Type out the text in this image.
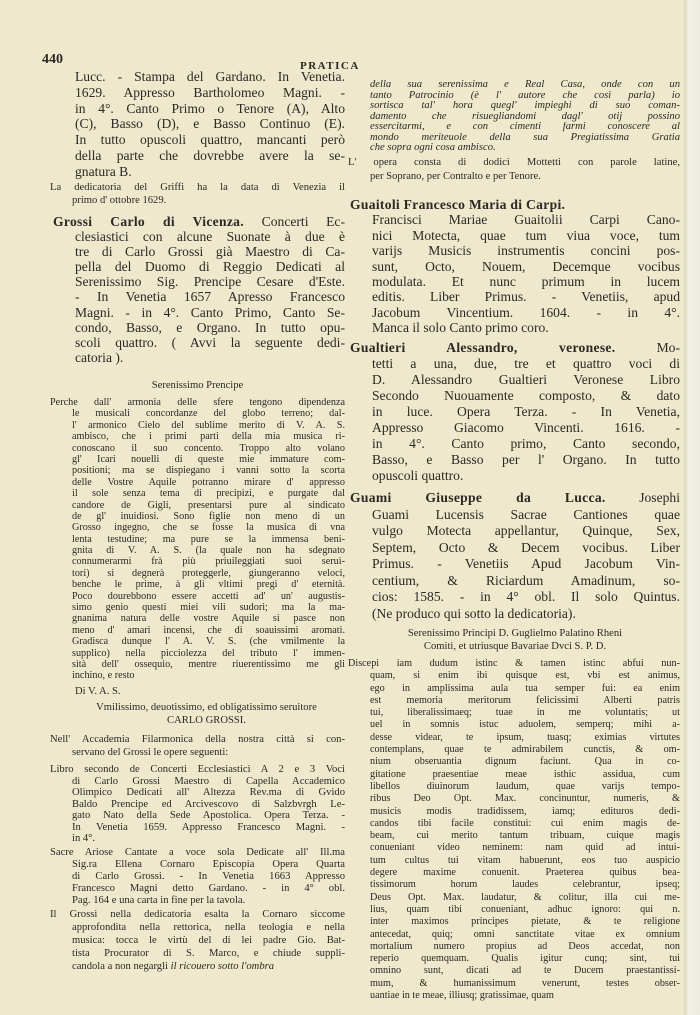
440	PRATICA
Lucc. - Stampa del Gardano. In Venetia.
1629. Appresso Bartholomeo Magni. -
in 4°. Canto Primo o Tenore (A), Alto
(C), Basso (D), e Basso Continuo (E).
In tutto opuscoli quattro, mancanti però
della parte che dovrebbe avere la se-
gnatura B.
La dedicatoria del Griffi ha la data di Venezia il
primo d' ottobre 1629.
Grossi Carlo di Vicenza. Concerti Ec-
clesiastici con alcune Suonate à due è
tre di Carlo Grossi già Maestro di Ca-
pella del Duomo di Reggio Dedicati al
Serenissimo Sig. Prencipe Cesare d'Este.
- In Venetia 1657 Apresso Francesco
Magni. - in 4°. Canto Primo, Canto Se-
condo, Basso, e Organo. In tutto opu-
scoli quattro. ( Avvi la seguente dedi-
catoria ).
Serenissimo Prencipe
Perche dall' armonia delle sfere tengono dipendenza
le musicali concordanze del globo terreno; dal-
l' armonico Cielo del sublime merito di V. A. S.
ambisco, che i primi parti della mia musica ri-
conoscano il suo concento. Troppo alto volano
gl' Icari nouelli di queste mie immature com-
positioni; ma se dispiegano i vanni sotto la scorta
delle Vostre Aquile potranno mirare d' appresso
il sole senza tema di precipizi, e purgate dal
candore de Gigli, presentarsi pure al sindicato
de gl' inuidiosi. Sono figlie non meno di un
Grosso ingegno, che se fosse la musica di vna
lenta testudine; ma pure se la immensa beni-
gnita di V. A. S. (la quale non ha sdegnato
connumerarmi frà più priuileggiati suoi serui-
tori) si degnerà proteggerle, giungeranno veloci,
benche le prime, à gli vltimi pregi d' eternità.
Poco dourebbono essere accetti ad' un' augustis-
simo genio questi miei vili sudori; ma la ma-
gnanima natura delle vostre Aquile si pasce non
meno d' amari incensi, che di soauissimi aromati.
Gradisca dunque l' A. V. S. (che vmilmente la
supplico) nella picciolezza del tributo l' immen-
sità dell' ossequio, mentre riuerentissimo me gli
inchino, e resto
Di V. A. S.
Vmilissimo, deuotissimo, ed obligatissimo seruitore
CARLO GROSSI.
Nell' Accademia Filarmonica della nostra città si con-
servano del Grossi le opere seguenti:
Libro secondo de Concerti Ecclesiastici A 2 e 3 Voci
di Carlo Grossi Maestro di Capella Accademico
Olimpico Dedicati all' Altezza Rev.ma di Gvido
Baldo Prencipe ed Arcivescovo di Salzbvrgh Le-
gato Nato della Sede Apostolica. Opera Terza. -
In Venetia 1659. Appresso Francesco Magni. -
in 4°.
Sacre Ariose Cantate a voce sola Dedicate all' Ill.ma
Sig.ra Ellena Cornaro Episcopia Opera Quarta
di Carlo Grossi. - In Venetia 1663 Appresso
Francesco Magni detto Gardano. - in 4° obl.
Pag. 164 e una carta in fine per la tavola.
Il Grossi nella dedicatoria esalta la Cornaro siccome
approfondita nella rettorica, nella teologia e nella
musica: tocca le virtù del di lei padre Gio. Bat-
tista Procurator di S. Marco, e chiude suppli-
candola a non negargli il ricouero sotto l'ombra
della sua serenissima e Real Casa, onde con un
tanto Patrocinio (è l' autore che così parla) io
sortisca tal' hora quegl' impieghi di suo coman-
damento che risuegliandomi dagl' otij possino
essercitarmi, e con cimenti farmi conoscere al
mondo meriteuole della sua Pregiatissima Gratia
che sopra ogni cosa ambisco.
L' opera consta di dodici Mottetti con parole latine,
per Soprano, per Contralto e per Tenore.
Guaitoli Francesco Maria di Carpi.
Francisci Mariae Guaitolii Carpi Cano-
nici Motecta, quae tum viua voce, tum
varijs Musicis instrumentis concini pos-
sunt, Octo, Nouem, Decemque vocibus
modulata. Et nunc primum in lucem
editis. Liber Primus. - Venetiis, apud
Jacobum Vincentium. 1604. - in 4°.
Manca il solo Canto primo coro.
Gualtieri Alessandro, veronese.	Mo-
tetti a una, due, tre et quattro voci di
D. Alessandro Gualtieri Veronese Libro
Secondo Nuouamente composto, & dato
in luce. Opera Terza. - In Venetia,
Appresso Giacomo Vincenti. 1616. -
in 4°. Canto primo, Canto secondo,
Basso, e Basso per l' Organo. In tutto
opuscoli quattro.
Guami Giuseppe da Lucca. Josephi
Guami Lucensis Sacrae Cantiones quae
vulgo Motecta appellantur, Quinque, Sex,
Septem, Octo & Decem vocibus. Liber
Primus. - Venetiis Apud Jacobum Vin-
centium, & Riciardum Amadinum, so-
cios: 1585. - in 4° obl. Il solo Quintus.
(Ne produco qui sotto la dedicatoria).
Serenissimo Principi D. Guglielmo Palatino Rheni
Comiti, et utriusque Bavariae Dvci S. P. D.
Discepi iam dudum istinc & tamen istinc abfui nun-
quam, si enim ibi quisque est, vbi est animus,
ego in amplissima aula tua semper fui: ea enim
est memoria meritorum felicissimi Alberti patris
tui, liberalissimaeq; tuae in me voluntatis; ut
uel in somnis istuc aduolem, semperq; mihi a-
desse videar, te ipsum, tuasq; eximias virtutes
contemplans, quae te admirabilem cunctis, & om-
nium obseruantia dignum faciunt. Qua in co-
gitatione praesentiae meae isthic assidua, cum
libellos diuinorum laudum, quae varijs tempo-
ribus Deo Opt. Max. concinuntur, numeris, &
musicis modis tradidissem, iamq; edituros dedi-
candos tibi facile constitui: cui enim magis de-
beam, cui merito tantum tribuam, cuique magis
conueniant video neminem: nam quid ad intui-
tum cultus tui vitam habuerunt, eos tuo auspicio
degere maxime conuenit. Praeterea quibus bea-
tissimorum horum laudes celebrantur, ipseq;
Deus Opt. Max. laudatur, & colitur, illa cui me-
lius, quam tibi conueniant, adhuc ignoro: qui n.
inter maximos principes pietate, & te religione
antecedat, quiq; omni sanctitate vitae ex omnium
mortalium numero propius ad Deos accedat, non
reperio quemquam. Qualis igitur cunq; sint, tui
omnino sunt, dicati ad te Ducem praestantissi-
mum, & humanissimum venerunt, testes obser-
uantiae in te meae, illiusq; gratissimae, quam
